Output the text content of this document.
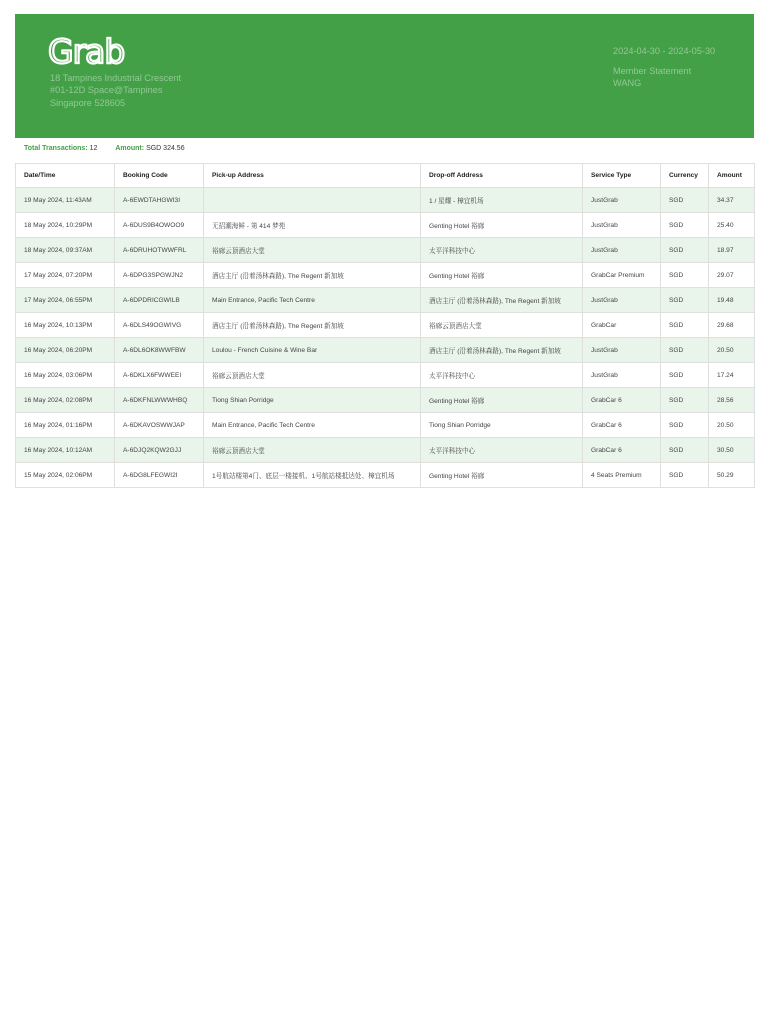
Grab
18 Tampines Industrial Crescent
#01-12D Space@Tampines
Singapore 528605
2024-04-30 - 2024-05-30
Member Statement
WANG
Total Transactions: 12	Amount: SGD 324.56
Date/Time	Booking Code	Pick-up Address	Drop-off Address	Service Type	Currency	Amount
19 May 2024, 11:43AM	A-6EWDTAHGWI3I		1 / 星耀 - 樟宜机场	JustGrab	SGD	34.37
18 May 2024, 10:29PM	A-6DUS9B4OWOO9	无招潮海鲜 - 第 414 梦苑	Genting Hotel 裕廊	JustGrab	SGD	25.40
18 May 2024, 09:37AM	A-6DRUHOTWWFRL	裕廊云顶酒店大堂	太平洋科技中心	JustGrab	SGD	18.97
17 May 2024, 07:20PM	A-6DPG3SPGWJN2	酒店主厅 (沿着汤林森路), The Regent 新加坡	Genting Hotel 裕廊	GrabCar Premium	SGD	29.07
17 May 2024, 06:55PM	A-6DPDRICGWILB	Main Entrance, Pacific Tech Centre	酒店主厅 (沿着汤林森路), The Regent 新加坡	JustGrab	SGD	19.48
16 May 2024, 10:13PM	A-6DLS49OGWIVG	酒店主厅 (沿着汤林森路), The Regent 新加坡	裕廊云顶酒店大堂	GrabCar	SGD	29.68
16 May 2024, 06:20PM	A-6DL6OK8WWFBW	Loulou - French Cuisine & Wine Bar	酒店主厅 (沿着汤林森路), The Regent 新加坡	JustGrab	SGD	20.50
16 May 2024, 03:06PM	A-6DKLX6FWWEEI	裕廊云顶酒店大堂	太平洋科技中心	JustGrab	SGD	17.24
16 May 2024, 02:08PM	A-6DKFNLWWWHBQ	Tiong Shian Porridge	Genting Hotel 裕廊	GrabCar 6	SGD	28.56
16 May 2024, 01:16PM	A-6DKAVOSWWJAP	Main Entrance, Pacific Tech Centre	Tiong Shian Porridge	GrabCar 6	SGD	20.50
16 May 2024, 10:12AM	A-6DJQ2KQW2GJJ	裕廊云顶酒店大堂	太平洋科技中心	GrabCar 6	SGD	30.50
15 May 2024, 02:06PM	A-6DG8LFEGWI2I	1号航站楼第4门、底层一楼接机、1号航站楼抵达处、樟宜机场	Genting Hotel 裕廊	4 Seats Premium	SGD	50.29
